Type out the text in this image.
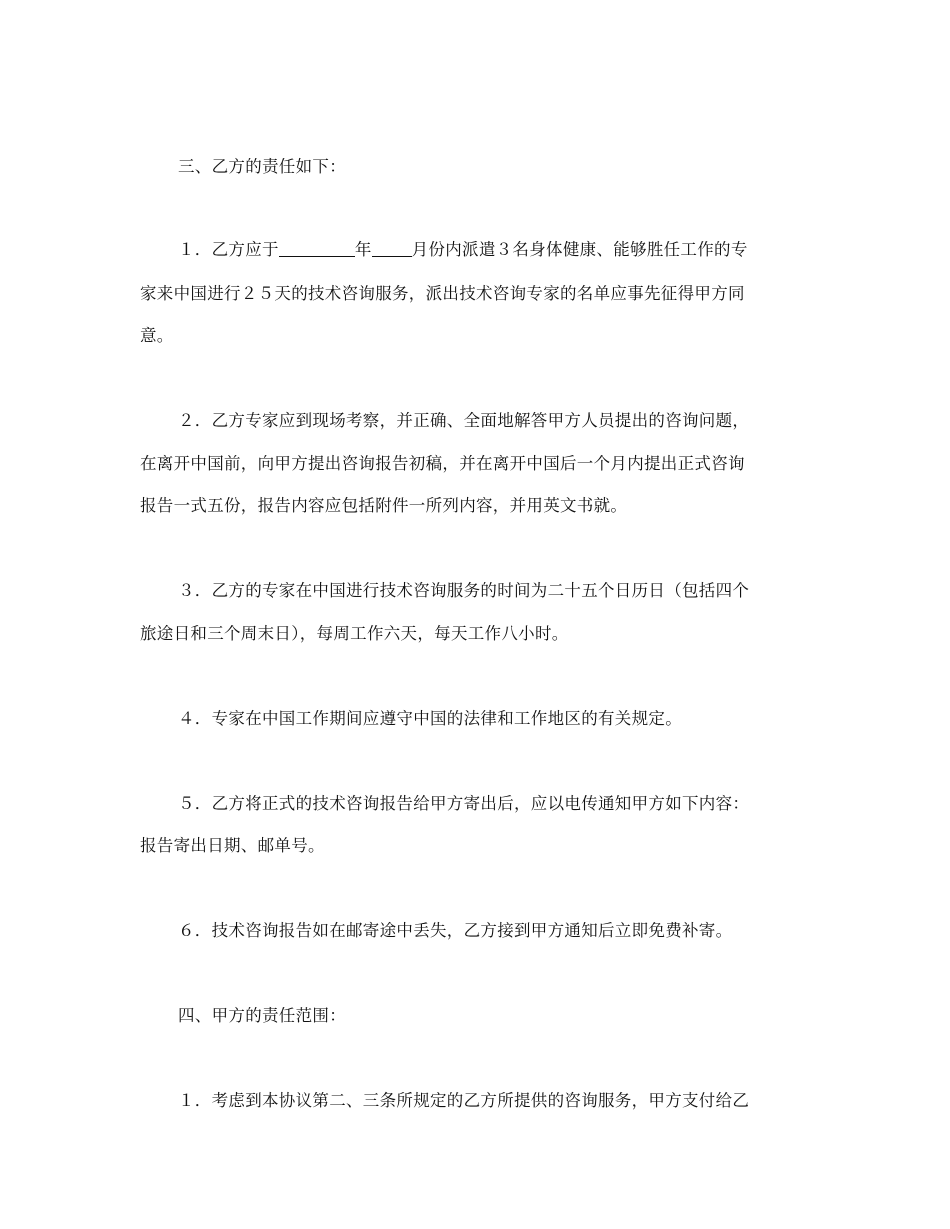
三、乙方的责任如下：
１．乙方应于	年 月份内派遣３名身体健康、能够胜任工作的专
家来中国进行２５天的技术咨询服务，派出技术咨询专家的名单应事先征得甲方同
意。
２．乙方专家应到现场考察，并正确、全面地解答甲方人员提出的咨询问题，
在离开中国前，向甲方提出咨询报告初稿，并在离开中国后一个月内提出正式咨询
报告一式五份，报告内容应包括附件一所列内容，并用英文书就。
３．乙方的专家在中国进行技术咨询服务的时间为二十五个日历日（包括四个
旅途日和三个周末日），每周工作六天，每天工作八小时。
４．专家在中国工作期间应遵守中国的法律和工作地区的有关规定。
５．乙方将正式的技术咨询报告给甲方寄出后，应以电传通知甲方如下内容：
报告寄出日期、邮单号。
６．技术咨询报告如在邮寄途中丢失，乙方接到甲方通知后立即免费补寄。
四、甲方的责任范围：
１．考虑到本协议第二、三条所规定的乙方所提供的咨询服务，甲方支付给乙
